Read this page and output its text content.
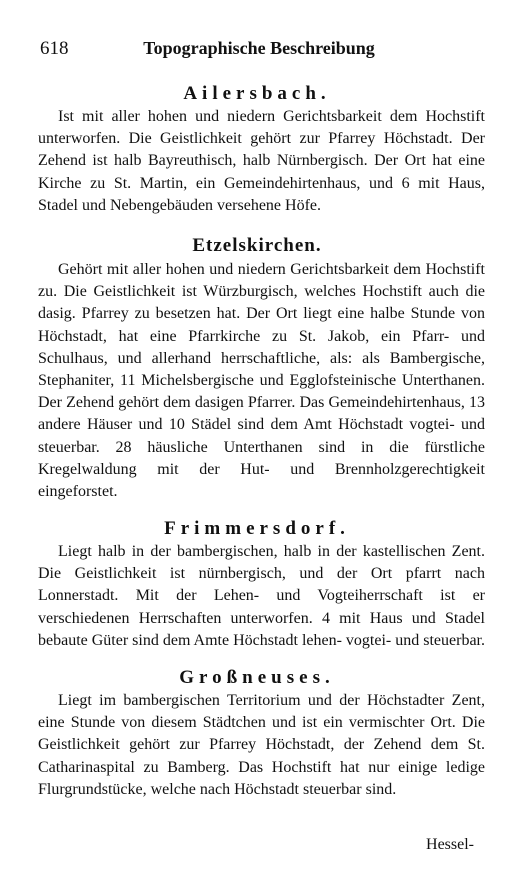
618	Topographische Beschreibung
Ailersbach.

Ist mit aller hohen und niedern Gerichtsbarkeit dem Hochstift unterworfen. Die Geistlichkeit gehört zur Pfarrey Höchstadt. Der Zehend ist halb Bayreuthisch, halb Nürnbergisch. Der Ort hat eine Kirche zu St. Martin, ein Gemeindehirtenhaus, und 6 mit Haus, Stadel und Nebengebäuden versehene Höfe.

Etzelskirchen.

Gehört mit aller hohen und niedern Gerichtsbarkeit dem Hochstift zu. Die Geistlichkeit ist Würzburgisch, welches Hochstift auch die dasig. Pfarrey zu besetzen hat. Der Ort liegt eine halbe Stunde von Höchstadt, hat eine Pfarrkirche zu St. Jakob, ein Pfarr- und Schulhaus, und allerhand herrschaftliche, als: als Bambergische, Stephaniter, 11 Michelsbergische und Egglofsteinische Unterthanen. Der Zehend gehört dem dasigen Pfarrer. Das Gemeindehirtenhaus, 13 andere Häuser und 10 Städel sind dem Amt Höchstadt vogtei- und steuerbar. 28 häusliche Unterthanen sind in die fürstliche Kregelwaldung mit der Hut- und Brennholzgerechtigkeit eingeforstet.

Frimmersdorf.

Liegt halb in der bambergischen, halb in der kastellischen Zent. Die Geistlichkeit ist nürnbergisch, und der Ort pfarrt nach Lonnerstadt. Mit der Lehen- und Vogteiherrschaft ist er verschiedenen Herrschaften unterworfen. 4 mit Haus und Stadel bebaute Güter sind dem Amte Höchstadt lehen- vogtei- und steuerbar.

Großneuses.

Liegt im bambergischen Territorium und der Höchstadter Zent, eine Stunde von diesem Städtchen und ist ein vermischter Ort. Die Geistlichkeit gehört zur Pfarrey Höchstadt, der Zehend dem St. Catharinaspital zu Bamberg. Das Hochstift hat nur einige ledige Flurgrundstücke, welche nach Höchstadt steuerbar sind.

Hessel-
